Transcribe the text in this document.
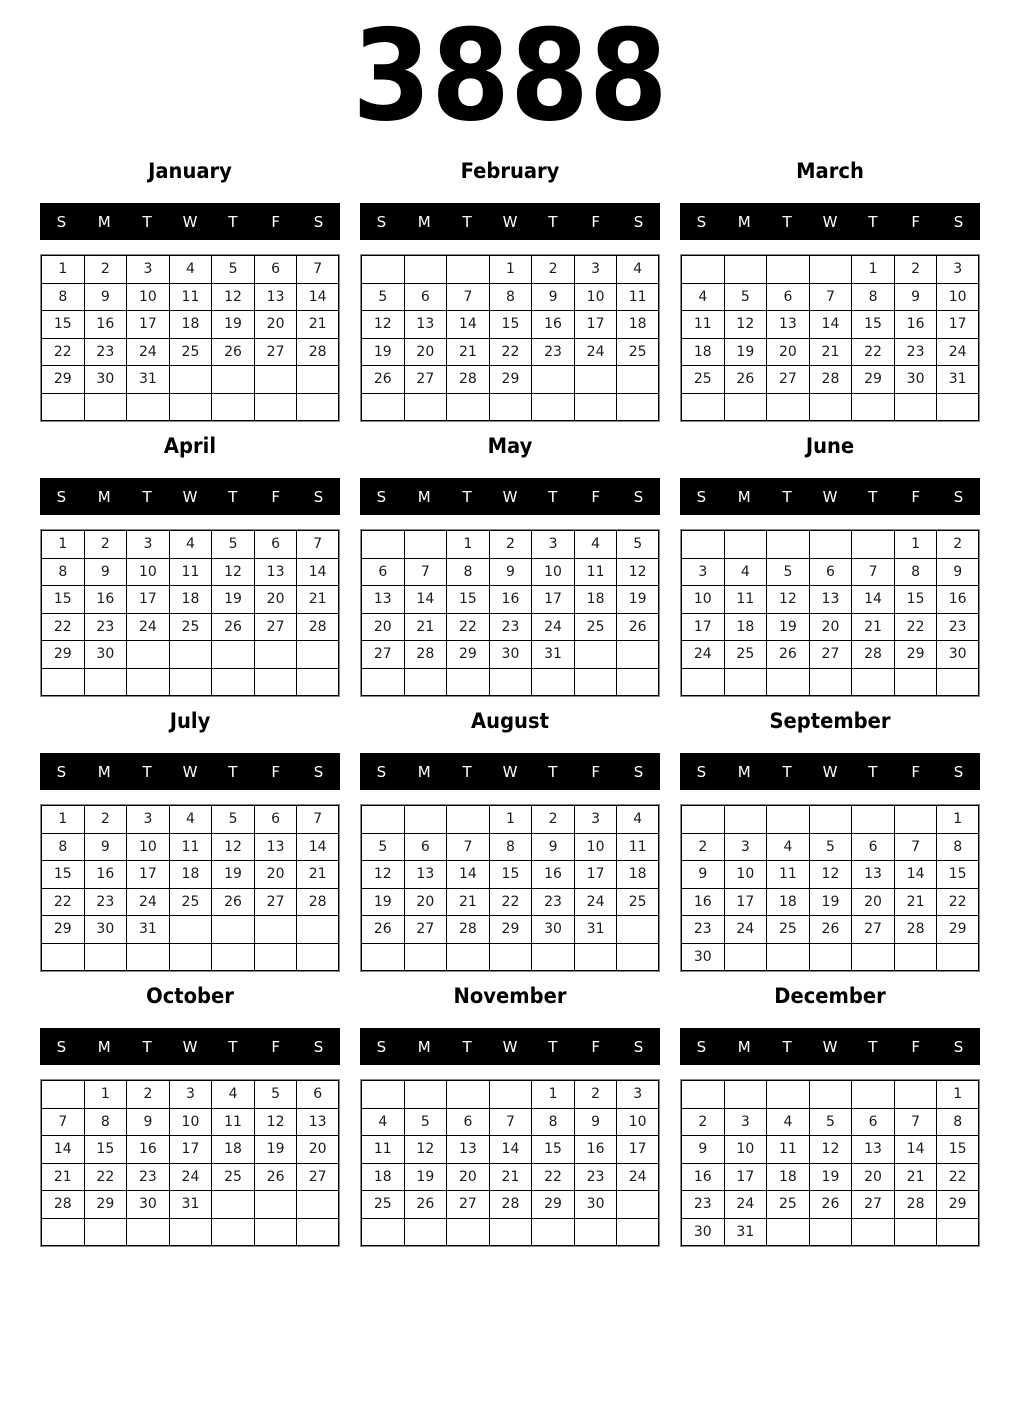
3888
January
S	M	T	W	T	F	S
1	2	3	4	5	6	7
8	9	10	11	12	13	14
15	16	17	18	19	20	21
22	23	24	25	26	27	28
29	30	31				

February
S	M	T	W	T	F	S
			1	2	3	4
5	6	7	8	9	10	11
12	13	14	15	16	17	18
19	20	21	22	23	24	25
26	27	28	29			

March
S	M	T	W	T	F	S
				1	2	3
4	5	6	7	8	9	10
11	12	13	14	15	16	17
18	19	20	21	22	23	24
25	26	27	28	29	30	31

April
S	M	T	W	T	F	S
1	2	3	4	5	6	7
8	9	10	11	12	13	14
15	16	17	18	19	20	21
22	23	24	25	26	27	28
29	30					

May
S	M	T	W	T	F	S
		1	2	3	4	5
6	7	8	9	10	11	12
13	14	15	16	17	18	19
20	21	22	23	24	25	26
27	28	29	30	31		

June
S	M	T	W	T	F	S
					1	2
3	4	5	6	7	8	9
10	11	12	13	14	15	16
17	18	19	20	21	22	23
24	25	26	27	28	29	30

July
S	M	T	W	T	F	S
1	2	3	4	5	6	7
8	9	10	11	12	13	14
15	16	17	18	19	20	21
22	23	24	25	26	27	28
29	30	31				

August
S	M	T	W	T	F	S
			1	2	3	4
5	6	7	8	9	10	11
12	13	14	15	16	17	18
19	20	21	22	23	24	25
26	27	28	29	30	31	

September
S	M	T	W	T	F	S
						1
2	3	4	5	6	7	8
9	10	11	12	13	14	15
16	17	18	19	20	21	22
23	24	25	26	27	28	29
30						
October
S	M	T	W	T	F	S
	1	2	3	4	5	6
7	8	9	10	11	12	13
14	15	16	17	18	19	20
21	22	23	24	25	26	27
28	29	30	31			

November
S	M	T	W	T	F	S
				1	2	3
4	5	6	7	8	9	10
11	12	13	14	15	16	17
18	19	20	21	22	23	24
25	26	27	28	29	30	

December
S	M	T	W	T	F	S
						1
2	3	4	5	6	7	8
9	10	11	12	13	14	15
16	17	18	19	20	21	22
23	24	25	26	27	28	29
30	31					
